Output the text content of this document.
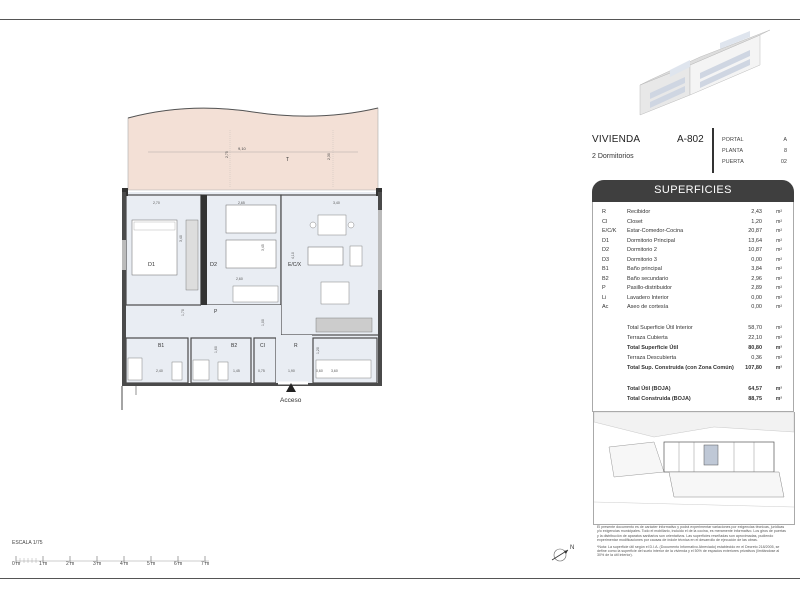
9,10
2,75	2,30
T
D1
2,70
3,40
D2
2,65
3,45
2,60
E/C/X
3,40
4,10
P
1,70
1,00
B1
2,40
B2
1,60
1,45
CI
0,75
R
1,90	3,60
1,20
0,60
Acceso
ESCALA 1/75
0 m	1 m	2 m	3 m	4 m	5 m	6 m	7 m
VIVIENDA	A-802
2 Dormitorios
PORTAL	A
PLANTA	8
PUERTA	02
SUPERFICIES
R	Recibidor	2,43	m²
Cl	Closet	1,20	m²
E/C/K Estar-Comedor-Cocina	20,87	m²
D1	Dormitorio Principal	13,64	m²
D2	Dormitorio 2	10,87	m²
D3	Dormitorio 3	0,00	m²
B1	Baño principal	3,84	m²
B2	Baño secundario	2,96	m²
P	Pasillo-distribuidor	2,89	m²
Li	Lavadero Interior	0,00	m²
Ac	Aseo de cortesía	0,00	m²
Total Superficie Útil Interior	58,70	m²
Terraza Cubierta	22,10	m²
Total Superficie Útil	80,80	m²
Terraza Descubierta	0,36	m²
Total Sup. Construida (con Zona Común) 107,80	m²
Total Útil (BOJA)	64,57	m²
Total Construida (BOJA)	88,75	m²
El presente documento es de carácter informativo y podrá experimentar variaciones por exigencias técnicas, jurídicas y/o exigencias municipales. Todo el mobiliario, incluido el de la cocina, es meramente informativo. Los giros de puertas y la distribución de aparatos sanitarios son orientativos. Las superficies reseñadas son aproximadas, pudiendo experimentar modificaciones por causas de índole técnica en el desarrollo de ejecución de las obras.
*Nota: La superficie útil según el D.I.A. (Documento Informativo Abreviado) establecido en el Decreto 218/2005, se define como la superficie del suelo interior de la vivienda y el 50% de espacios exteriores privativos (limitándose al 30% de la útil interior).
N
